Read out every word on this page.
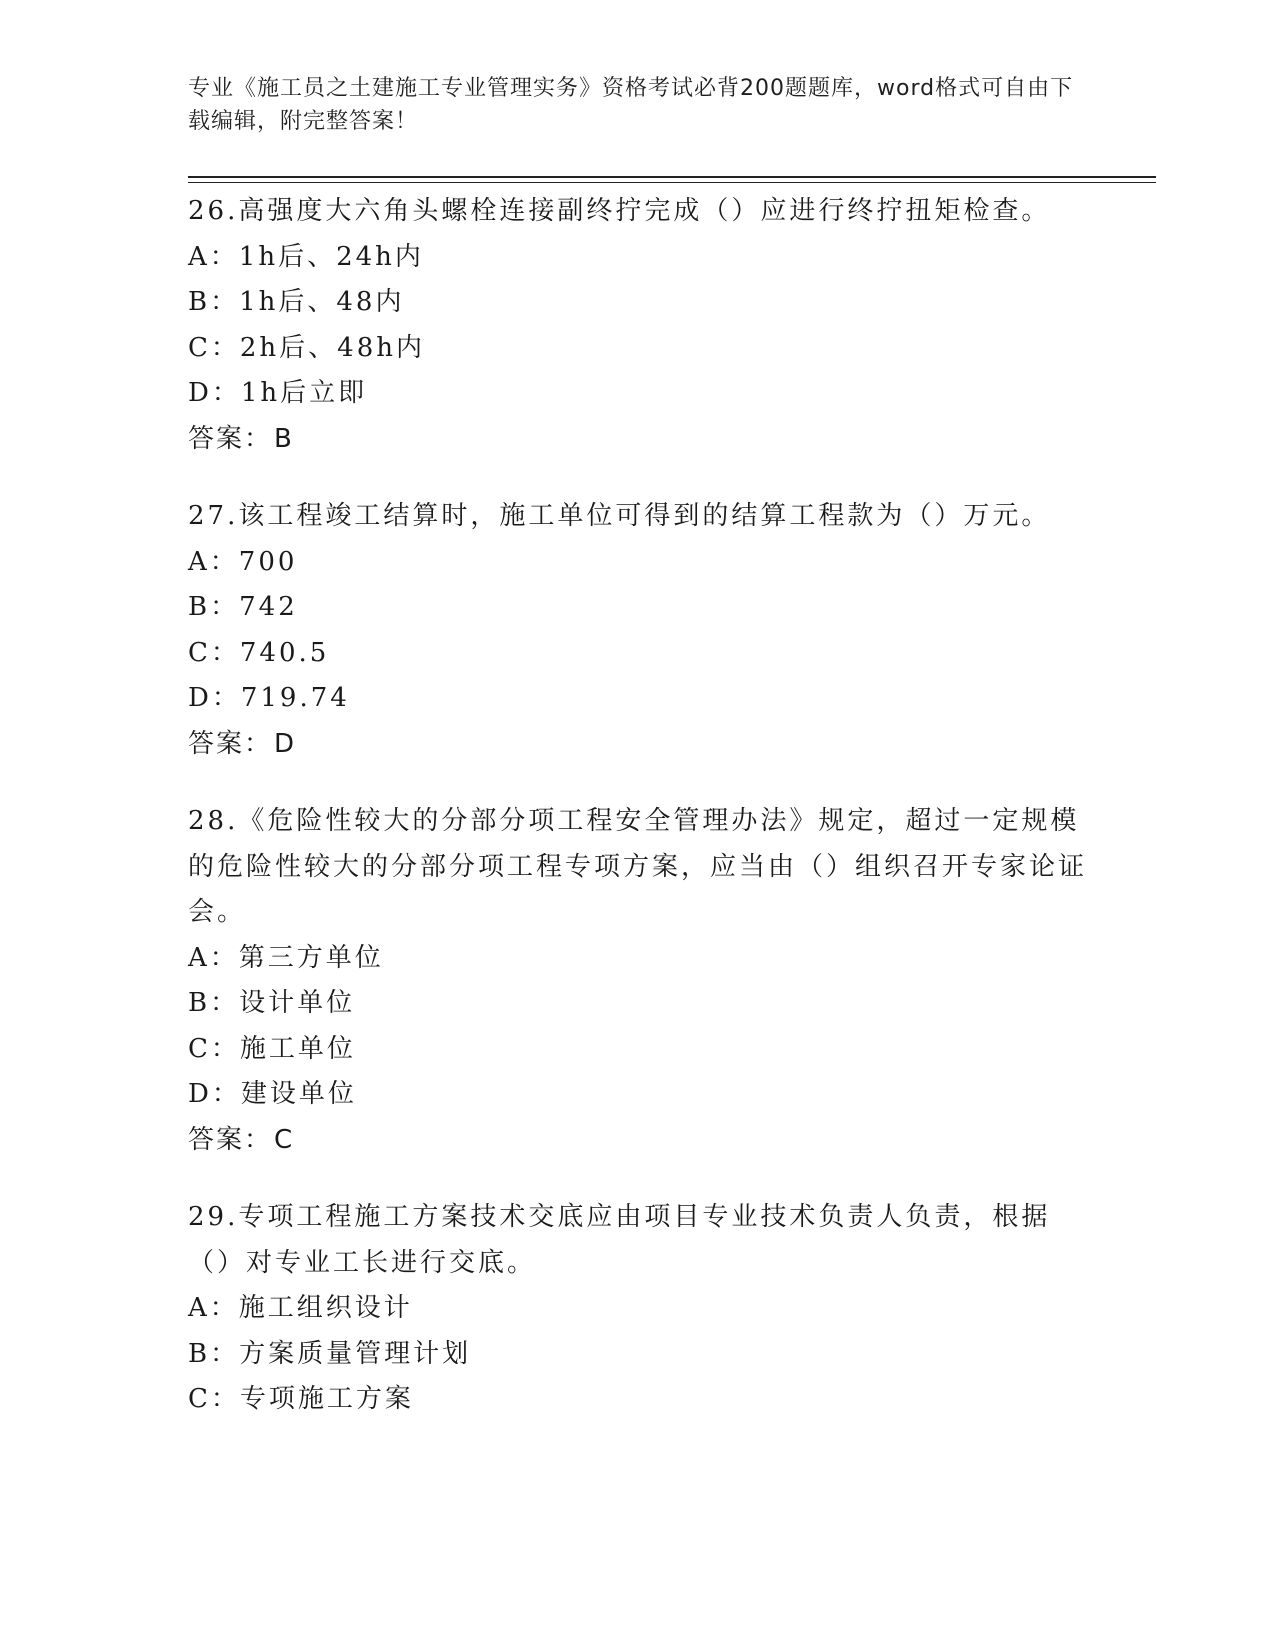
专业《施工员之土建施工专业管理实务》资格考试必背200题题库，word格式可自由下载编辑，附完整答案！

26.高强度大六角头螺栓连接副终拧完成（）应进行终拧扭矩检查。

A：1h后、24h内

B：1h后、48内

C：2h后、48h内

D：1h后立即

答案：B

27.该工程竣工结算时，施工单位可得到的结算工程款为（）万元。

A：700

B：742

C：740.5

D：719.74

答案：D

28.《危险性较大的分部分项工程安全管理办法》规定，超过一定规模的危险性较大的分部分项工程专项方案，应当由（）组织召开专家论证会。

A：第三方单位

B：设计单位

C：施工单位

D：建设单位

答案：C

29.专项工程施工方案技术交底应由项目专业技术负责人负责，根据（）对专业工长进行交底。

A：施工组织设计

B：方案质量管理计划

C：专项施工方案
